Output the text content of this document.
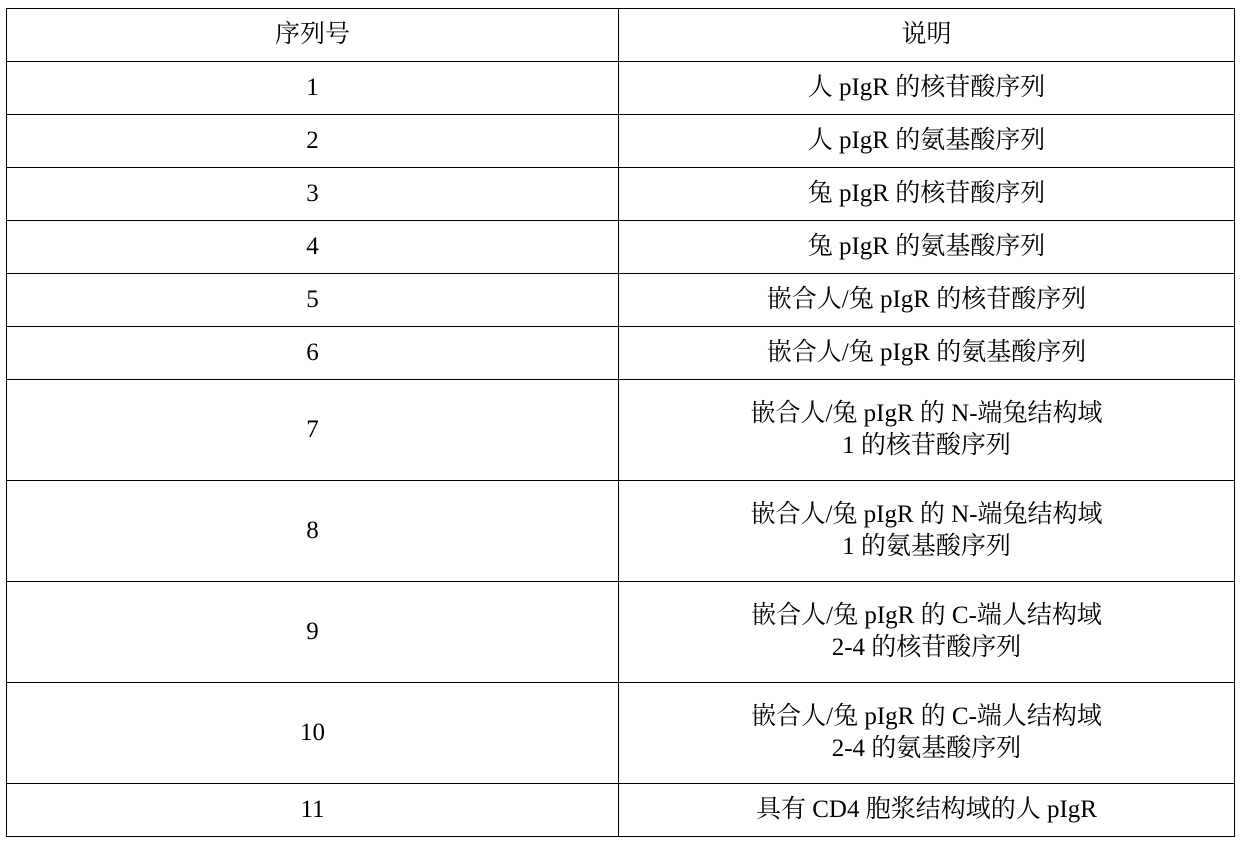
序列号	说明
1	人 pIgR 的核苷酸序列

2	人 pIgR 的氨基酸序列

3	兔 pIgR 的核苷酸序列

4	兔 pIgR 的氨基酸序列

5	嵌合人/兔 pIgR 的核苷酸序列

6	嵌合人/兔 pIgR 的氨基酸序列

7	嵌合人/兔 pIgR 的 N-端兔结构域
1 的核苷酸序列

8	嵌合人/兔 pIgR 的 N-端兔结构域
1 的氨基酸序列

9	嵌合人/兔 pIgR 的 C-端人结构域
2-4 的核苷酸序列

10	嵌合人/兔 pIgR 的 C-端人结构域
2-4 的氨基酸序列

11	具有 CD4 胞浆结构域的人 pIgR
